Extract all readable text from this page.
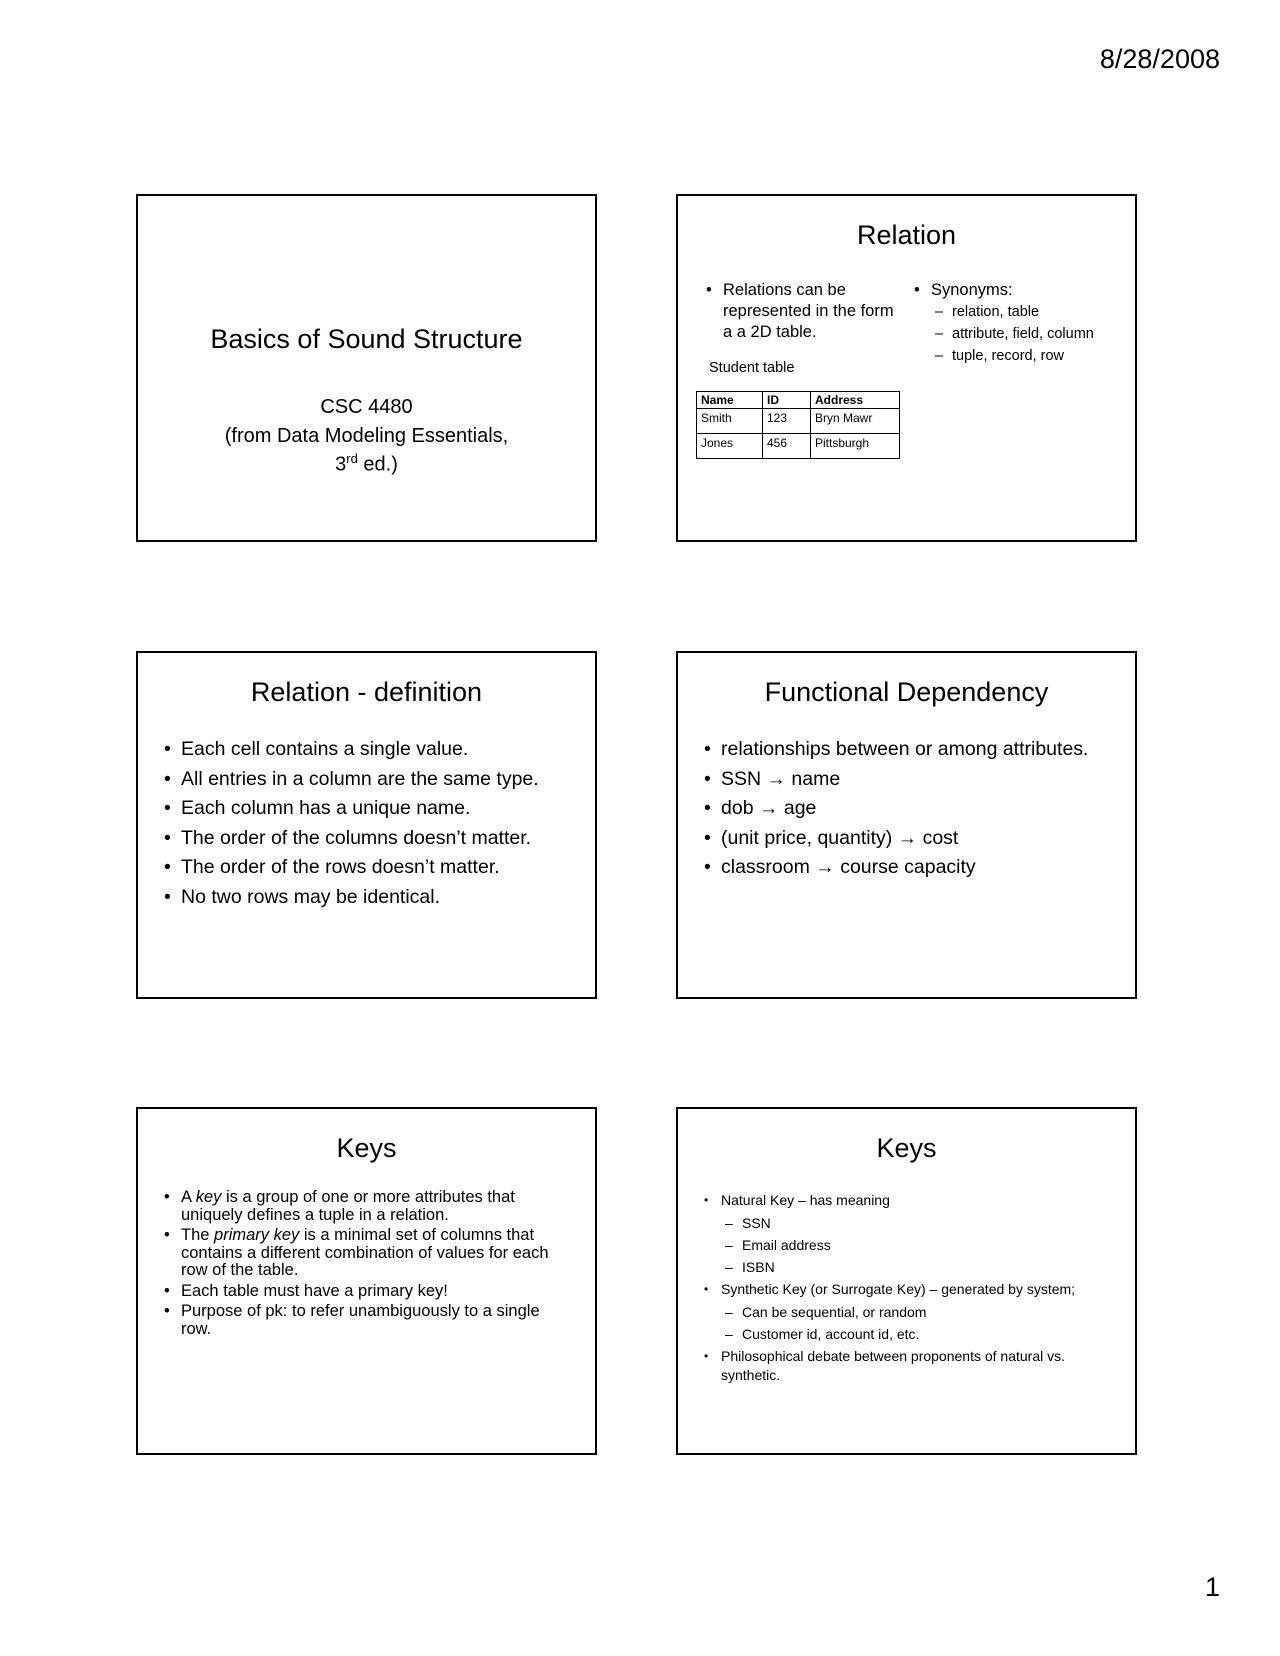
8/28/2008
Basics of Sound Structure
CSC 4480
(from Data Modeling Essentials,
3rd ed.)
Relation
• Relations can be represented in the form a a 2D table.
• Synonyms:
– relation, table
– attribute, field, column
– tuple, record, row
Student table
Name	ID	Address
Smith	123	Bryn Mawr
Jones	456	Pittsburgh
Relation - definition
• Each cell contains a single value.
• All entries in a column are the same type.
• Each column has a unique name.
• The order of the columns doesn’t matter.
• The order of the rows doesn’t matter.
• No two rows may be identical.
Functional Dependency
• relationships between or among attributes.
• SSN → name
• dob → age
• (unit price, quantity) → cost
• classroom → course capacity
Keys
• A key is a group of one or more attributes that uniquely defines a tuple in a relation.
• The primary key is a minimal set of columns that contains a different combination of values for each row of the table.
• Each table must have a primary key!
• Purpose of pk: to refer unambiguously to a single row.
Keys
• Natural Key – has meaning
– SSN
– Email address
– ISBN
• Synthetic Key (or Surrogate Key) – generated by system;
– Can be sequential, or random
– Customer id, account id, etc.
• Philosophical debate between proponents of natural vs. synthetic.
1
